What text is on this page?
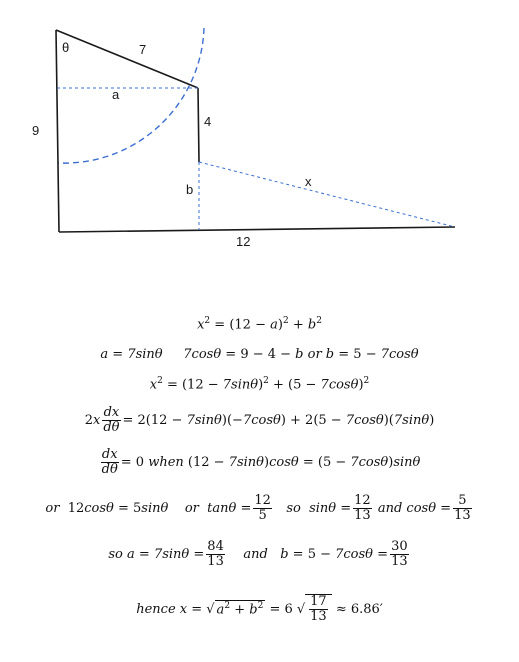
θ	7
a
4
9
b
x
12
$x^2 = (12 - a)^2 + b^2$
a = 7sinθ     7cosθ = 9 − 4 − b or b = 5 − 7cosθ
$x^2 = (12 - 7\sin\theta)^2 + (5 - 7\cos\theta)^2$
$2x \frac{dx}{d\theta} = 2(12 - 7\sin\theta)(-7\cos\theta) + 2(5 - 7\cos\theta)(7\sin\theta)$
$\frac{dx}{d\theta} = 0$ when (12 − 7sinθ)cosθ = (5 − 7cosθ)sinθ
or  12cosθ = 5sinθ    or  $\tan\theta = \frac{12}{5}$ so  $\sin\theta = \frac{12}{13}$ and $\cos\theta = \frac{5}{13}$
so $a = 7\sin\theta = \frac{84}{13}$ and   $b = 5 - 7\cos\theta = \frac{30}{13}$
hence x = √ $a^2 + b^2 = 6$ √ $\frac{17}{13} \approx 6.86'$
